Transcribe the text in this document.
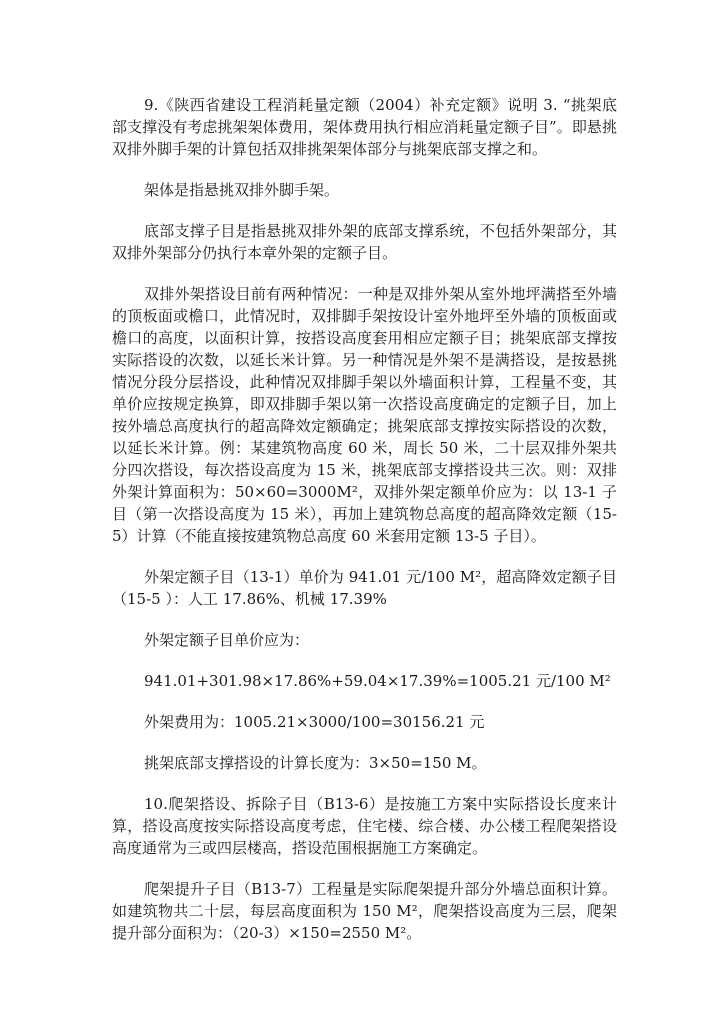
9.《陕西省建设工程消耗量定额（2004）补充定额》说明 3. “挑架底部支撑没有考虑挑架架体费用，架体费用执行相应消耗量定额子目”。即悬挑双排外脚手架的计算包括双排挑架架体部分与挑架底部支撑之和。

架体是指悬挑双排外脚手架。

底部支撑子目是指悬挑双排外架的底部支撑系统，不包括外架部分，其双排外架部分仍执行本章外架的定额子目。

双排外架搭设目前有两种情况：一种是双排外架从室外地坪满搭至外墙的顶板面或檐口，此情况时，双排脚手架按设计室外地坪至外墙的顶板面或檐口的高度，以面积计算，按搭设高度套用相应定额子目；挑架底部支撑按实际搭设的次数，以延长米计算。另一种情况是外架不是满搭设，是按悬挑情况分段分层搭设，此种情况双排脚手架以外墙面积计算，工程量不变，其单价应按规定换算，即双排脚手架以第一次搭设高度确定的定额子目，加上按外墙总高度执行的超高降效定额确定；挑架底部支撑按实际搭设的次数，以延长米计算。例：某建筑物高度 60 米，周长 50 米，二十层双排外架共分四次搭设，每次搭设高度为 15 米，挑架底部支撑搭设共三次。则：双排外架计算面积为：50×60=3000M²，双排外架定额单价应为：以 13-1 子目（第一次搭设高度为 15 米），再加上建筑物总高度的超高降效定额（15-5）计算（不能直接按建筑物总高度 60 米套用定额 13-5 子目）。

外架定额子目（13-1）单价为 941.01 元/100 M²，超高降效定额子目（15-5 ）：人工 17.86%、机械 17.39%

外架定额子目单价应为：

941.01+301.98×17.86%+59.04×17.39%=1005.21 元/100 M²

外架费用为：1005.21×3000/100=30156.21 元

挑架底部支撑搭设的计算长度为：3×50=150 M。

10.爬架搭设、拆除子目（B13-6）是按施工方案中实际搭设长度来计算，搭设高度按实际搭设高度考虑，住宅楼、综合楼、办公楼工程爬架搭设高度通常为三或四层楼高，搭设范围根据施工方案确定。

爬架提升子目（B13-7）工程量是实际爬架提升部分外墙总面积计算。如建筑物共二十层，每层高度面积为 150 M²，爬架搭设高度为三层，爬架提升部分面积为：（20-3）×150=2550 M²。
